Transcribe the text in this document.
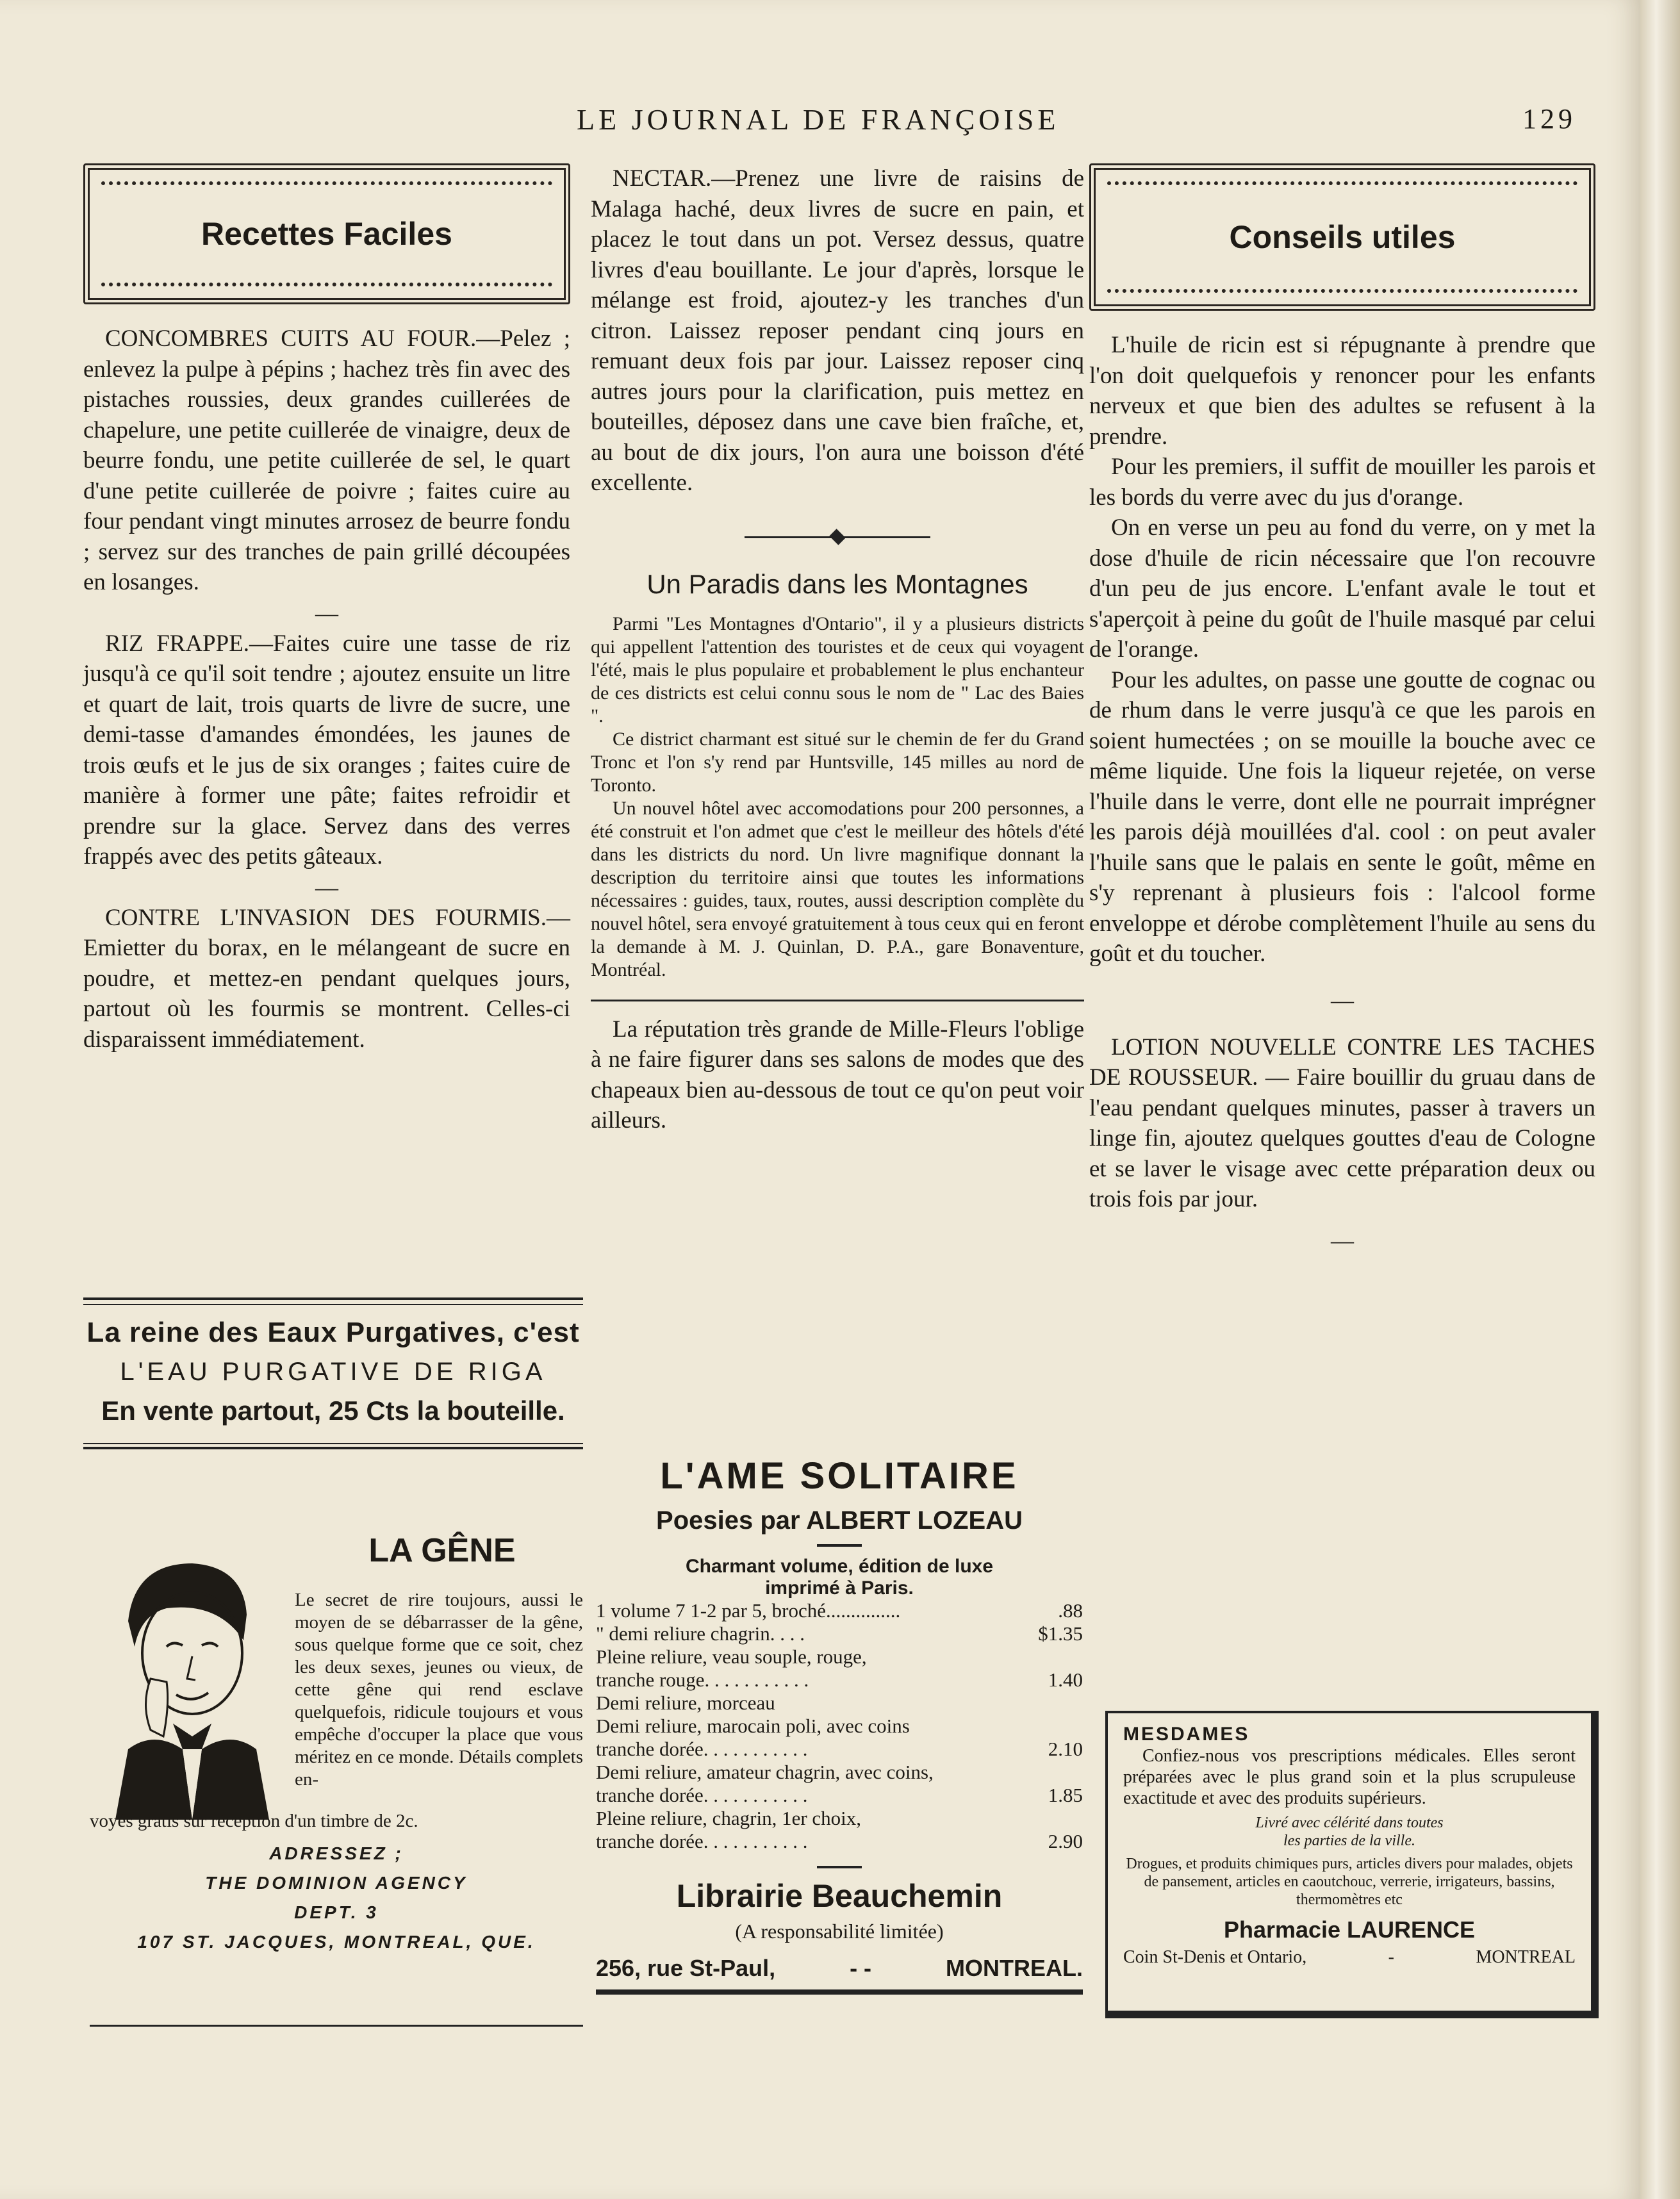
LE JOURNAL DE FRANÇOISE	129
Recettes Faciles

CONCOMBRES CUITS AU FOUR.—Pelez ; enlevez la pulpe à pépins ; hachez très fin avec des pistaches roussies, deux grandes cuillerées de chapelure, une petite cuillerée de vinaigre, deux de beurre fondu, une petite cuillerée de sel, le quart d'une petite cuillerée de poivre ; faites cuire au four pendant vingt minutes arrosez de beurre fondu ; servez sur des tranches de pain grillé découpées en losanges.

—

RIZ FRAPPE.—Faites cuire une tasse de riz jusqu'à ce qu'il soit tendre ; ajoutez ensuite un litre et quart de lait, trois quarts de livre de sucre, une demi-tasse d'amandes émondées, les jaunes de trois œufs et le jus de six oranges ; faites cuire de manière à former une pâte; faites refroidir et prendre sur la glace. Servez dans des verres frappés avec des petits gâteaux.

—

CONTRE L'INVASION DES FOURMIS.—Emietter du borax, en le mélangeant de sucre en poudre, et mettez-en pendant quelques jours, partout où les fourmis se montrent. Celles-ci disparaissent immédiatement.

NECTAR.—Prenez une livre de raisins de Malaga haché, deux livres de sucre en pain, et placez le tout dans un pot. Versez dessus, quatre livres d'eau bouillante. Le jour d'après, lorsque le mélange est froid, ajoutez-y les tranches d'un citron. Laissez reposer pendant cinq jours en remuant deux fois par jour. Laissez reposer cinq autres jours pour la clarification, puis mettez en bouteilles, déposez dans une cave bien fraîche, et, au bout de dix jours, l'on aura une boisson d'été excellente.

Un Paradis dans les Montagnes

Parmi "Les Montagnes d'Ontario", il y a plusieurs districts qui appellent l'attention des touristes et de ceux qui voyagent l'été, mais le plus populaire et probablement le plus enchanteur de ces districts est celui connu sous le nom de " Lac des Baies ".

Ce district charmant est situé sur le chemin de fer du Grand Tronc et l'on s'y rend par Huntsville, 145 milles au nord de Toronto.

Un nouvel hôtel avec accomodations pour 200 personnes, a été construit et l'on admet que c'est le meilleur des hôtels d'été dans les districts du nord. Un livre magnifique donnant la description du territoire ainsi que toutes les informations nécessaires : guides, taux, routes, aussi description complète du nouvel hôtel, sera envoyé gratuitement à tous ceux qui en feront la demande à M. J. Quinlan, D. P.A., gare Bonaventure, Montréal.

La réputation très grande de Mille-Fleurs l'oblige à ne faire figurer dans ses salons de modes que des chapeaux bien au-dessous de tout ce qu'on peut voir ailleurs.

Conseils utiles

L'huile de ricin est si répugnante à prendre que l'on doit quelquefois y renoncer pour les enfants nerveux et que bien des adultes se refusent à la prendre.

Pour les premiers, il suffit de mouiller les parois et les bords du verre avec du jus d'orange.

On en verse un peu au fond du verre, on y met la dose d'huile de ricin nécessaire que l'on recouvre d'un peu de jus encore. L'enfant avale le tout et s'aperçoit à peine du goût de l'huile masqué par celui de l'orange.

Pour les adultes, on passe une goutte de cognac ou de rhum dans le verre jusqu'à ce que les parois en soient humectées ; on se mouille la bouche avec ce même liquide. Une fois la liqueur rejetée, on verse l'huile dans le verre, dont elle ne pourrait imprégner les parois déjà mouillées d'al. cool : on peut avaler l'huile sans que le palais en sente le goût, même en s'y reprenant à plusieurs fois : l'alcool forme enveloppe et dérobe complètement l'huile au sens du goût et du toucher.

—

LOTION NOUVELLE CONTRE LES TACHES DE ROUSSEUR. — Faire bouillir du gruau dans de l'eau pendant quelques minutes, passer à travers un linge fin, ajoutez quelques gouttes d'eau de Cologne et se laver le visage avec cette préparation deux ou trois fois par jour.

—
La reine des Eaux Purgatives, c'est
L'EAU PURGATIVE DE RIGA
En vente partout, 25 Cts la bouteille.
LA GÊNE
Le secret de rire toujours, aussi le moyen de se débarrasser de la gêne, sous quelque forme que ce soit, chez les deux sexes, jeunes ou vieux, de cette gêne qui rend esclave quelquefois, ridicule toujours et vous empêche d'occuper la place que vous méritez en ce monde. Détails complets en-
voyés gratis sur réception d'un timbre de 2c.
ADRESSEZ ;
THE DOMINION AGENCY
DEPT. 3
107 ST. JACQUES, MONTREAL, QUE.
L'AME SOLITAIRE
Poesies par ALBERT LOZEAU
Charmant volume, édition de luxe
imprimé à Paris.
1 volume 7 1-2 par 5, broché...............	.88
" demi reliure chagrin. . . .	$1.35
Pleine reliure, veau souple, rouge,
tranche rouge. . . . . . . . . . .	1.40
Demi reliure, morceau
Demi reliure, marocain poli, avec coins
tranche dorée. . . . . . . . . . .	2.10
Demi reliure, amateur chagrin, avec coins,
tranche dorée. . . . . . . . . . .	1.85
Pleine reliure, chagrin, 1er choix,
tranche dorée. . . . . . . . . . .	2.90
Librairie Beauchemin
(A responsabilité limitée)
256, rue St-Paul,	- -	MONTREAL.
MESDAMES
Confiez-nous vos prescriptions médicales. Elles seront préparées avec le plus grand soin et la plus scrupuleuse exactitude et avec des produits supérieurs.
Livré avec célérité dans toutes
les parties de la ville.
Drogues, et produits chimiques purs, articles divers pour malades, objets de pansement, articles en caoutchouc, verrerie, irrigateurs, bassins, thermomètres etc
Pharmacie LAURENCE
Coin St-Denis et Ontario,	-	MONTREAL
